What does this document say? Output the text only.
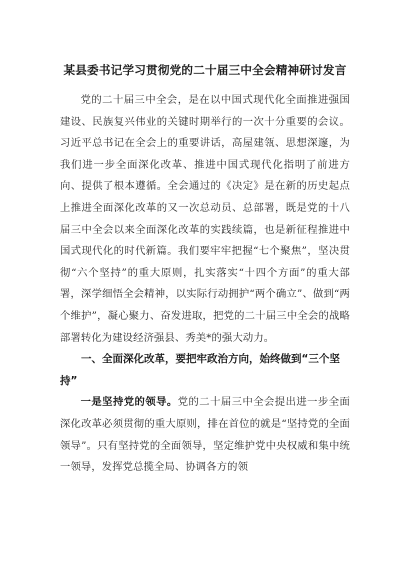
某县委书记学习贯彻党的二十届三中全会精神研讨发言

党的二十届三中全会，是在以中国式现代化全面推进强国建设、民族复兴伟业的关键时期举行的一次十分重要的会议。习近平总书记在全会上的重要讲话，高屋建瓴、思想深邃，为我们进一步全面深化改革、推进中国式现代化指明了前进方向、提供了根本遵循。全会通过的《决定》是在新的历史起点上推进全面深化改革的又一次总动员、总部署，既是党的十八届三中全会以来全面深化改革的实践续篇，也是新征程推进中国式现代化的时代新篇。我们要牢牢把握“七个聚焦”，坚决贯彻“六个坚持”的重大原则，扎实落实“十四个方面”的重大部署，深学细悟全会精神，以实际行动拥护“两个确立”、做到“两个维护”，凝心聚力、奋发进取，把党的二十届三中全会的战略部署转化为建设经济强县、秀美*的强大动力。

一、全面深化改革，要把牢政治方向，始终做到“三个坚持”

一是坚持党的领导。党的二十届三中全会提出进一步全面深化改革必须贯彻的重大原则，排在首位的就是“坚持党的全面领导”。只有坚持党的全面领导，坚定维护党中央权威和集中统一领导，发挥党总揽全局、协调各方的领
